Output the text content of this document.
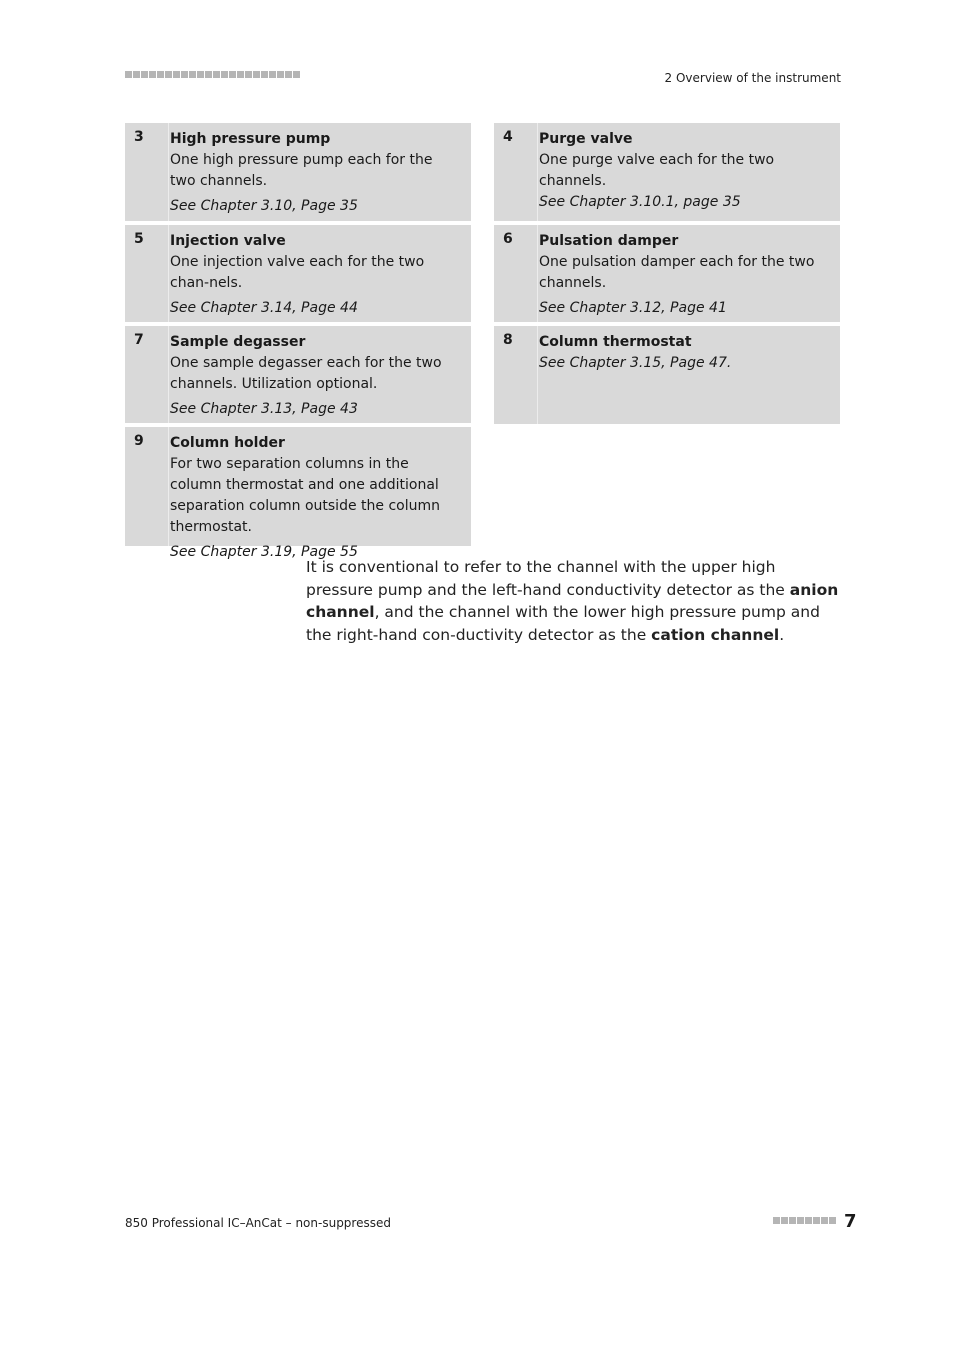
2 Overview of the instrument
3	High pressure pump
One high pressure pump each for the two channels.
See Chapter 3.10, Page 35
4	Purge valve
One purge valve each for the two channels.
See Chapter 3.10.1, page 35
5	Injection valve
One injection valve each for the two chan-nels.
See Chapter 3.14, Page 44
6	Pulsation damper
One pulsation damper each for the two channels.
See Chapter 3.12, Page 41
7	Sample degasser
One sample degasser each for the two channels. Utilization optional.
See Chapter 3.13, Page 43
8	Column thermostat
See Chapter 3.15, Page 47.
9	Column holder
For two separation columns in the column thermostat and one additional separation column outside the column thermostat.
See Chapter 3.19, Page 55
It is conventional to refer to the channel with the upper high pressure pump and the left-hand conductivity detector as the anion channel, and the channel with the lower high pressure pump and the right-hand con-ductivity detector as the cation channel.
850 Professional IC–AnCat – non-suppressed	7
